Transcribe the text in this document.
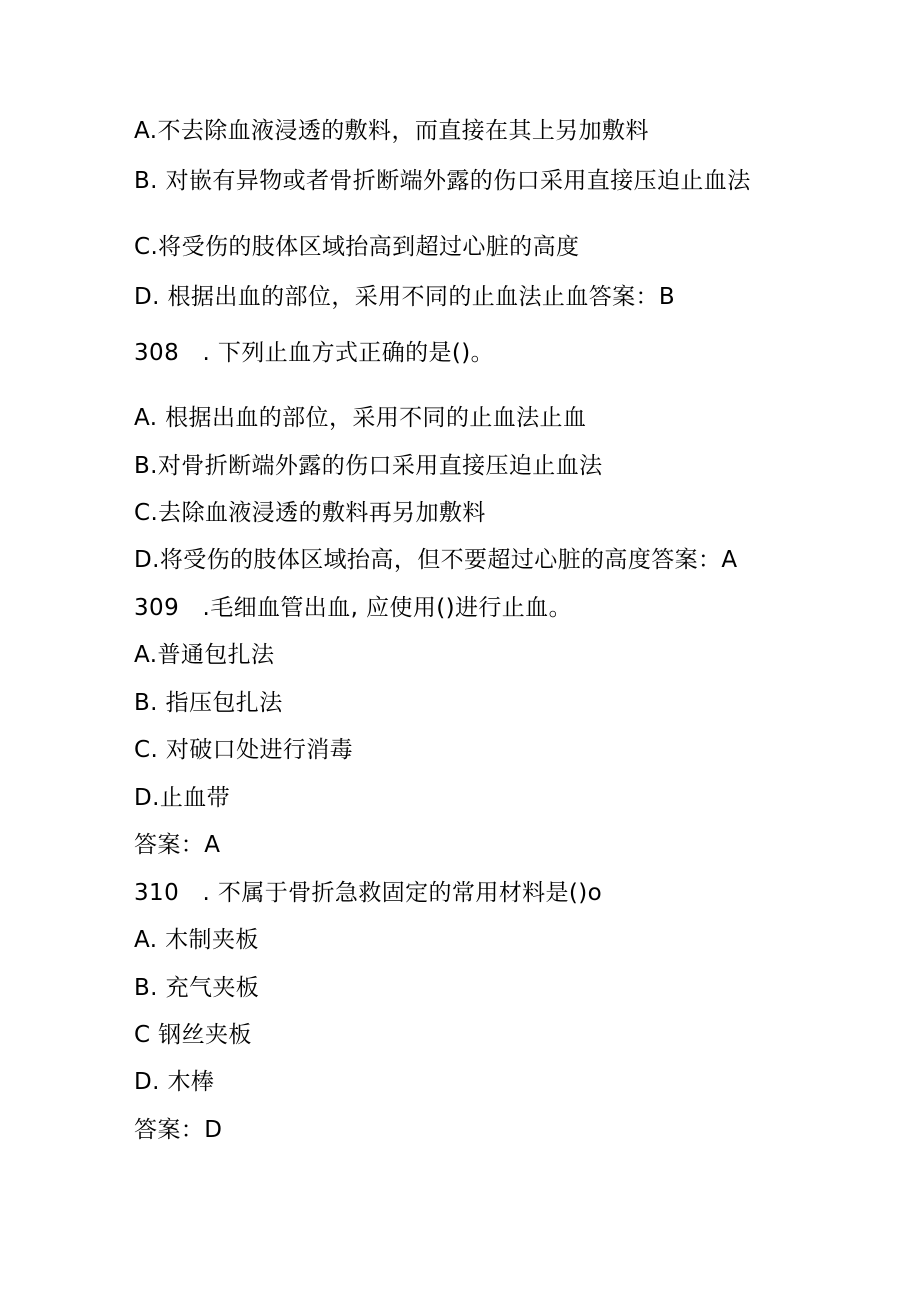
A.不去除血液浸透的敷料，而直接在其上另加敷料

B. 对嵌有异物或者骨折断端外露的伤口采用直接压迫止血法

C.将受伤的肢体区域抬高到超过心脏的高度

D. 根据出血的部位，采用不同的止血法止血答案：B

308　. 下列止血方式正确的是()。

A. 根据出血的部位，采用不同的止血法止血

B.对骨折断端外露的伤口采用直接压迫止血法

C.去除血液浸透的敷料再另加敷料

D.将受伤的肢体区域抬高，但不要超过心脏的高度答案：A

309　.毛细血管出血, 应使用()进行止血。

A.普通包扎法

B. 指压包扎法

C. 对破口处进行消毒

D.止血带

答案：A

310　. 不属于骨折急救固定的常用材料是()o

A. 木制夹板

B. 充气夹板

C 钢丝夹板

D. 木棒

答案：D
